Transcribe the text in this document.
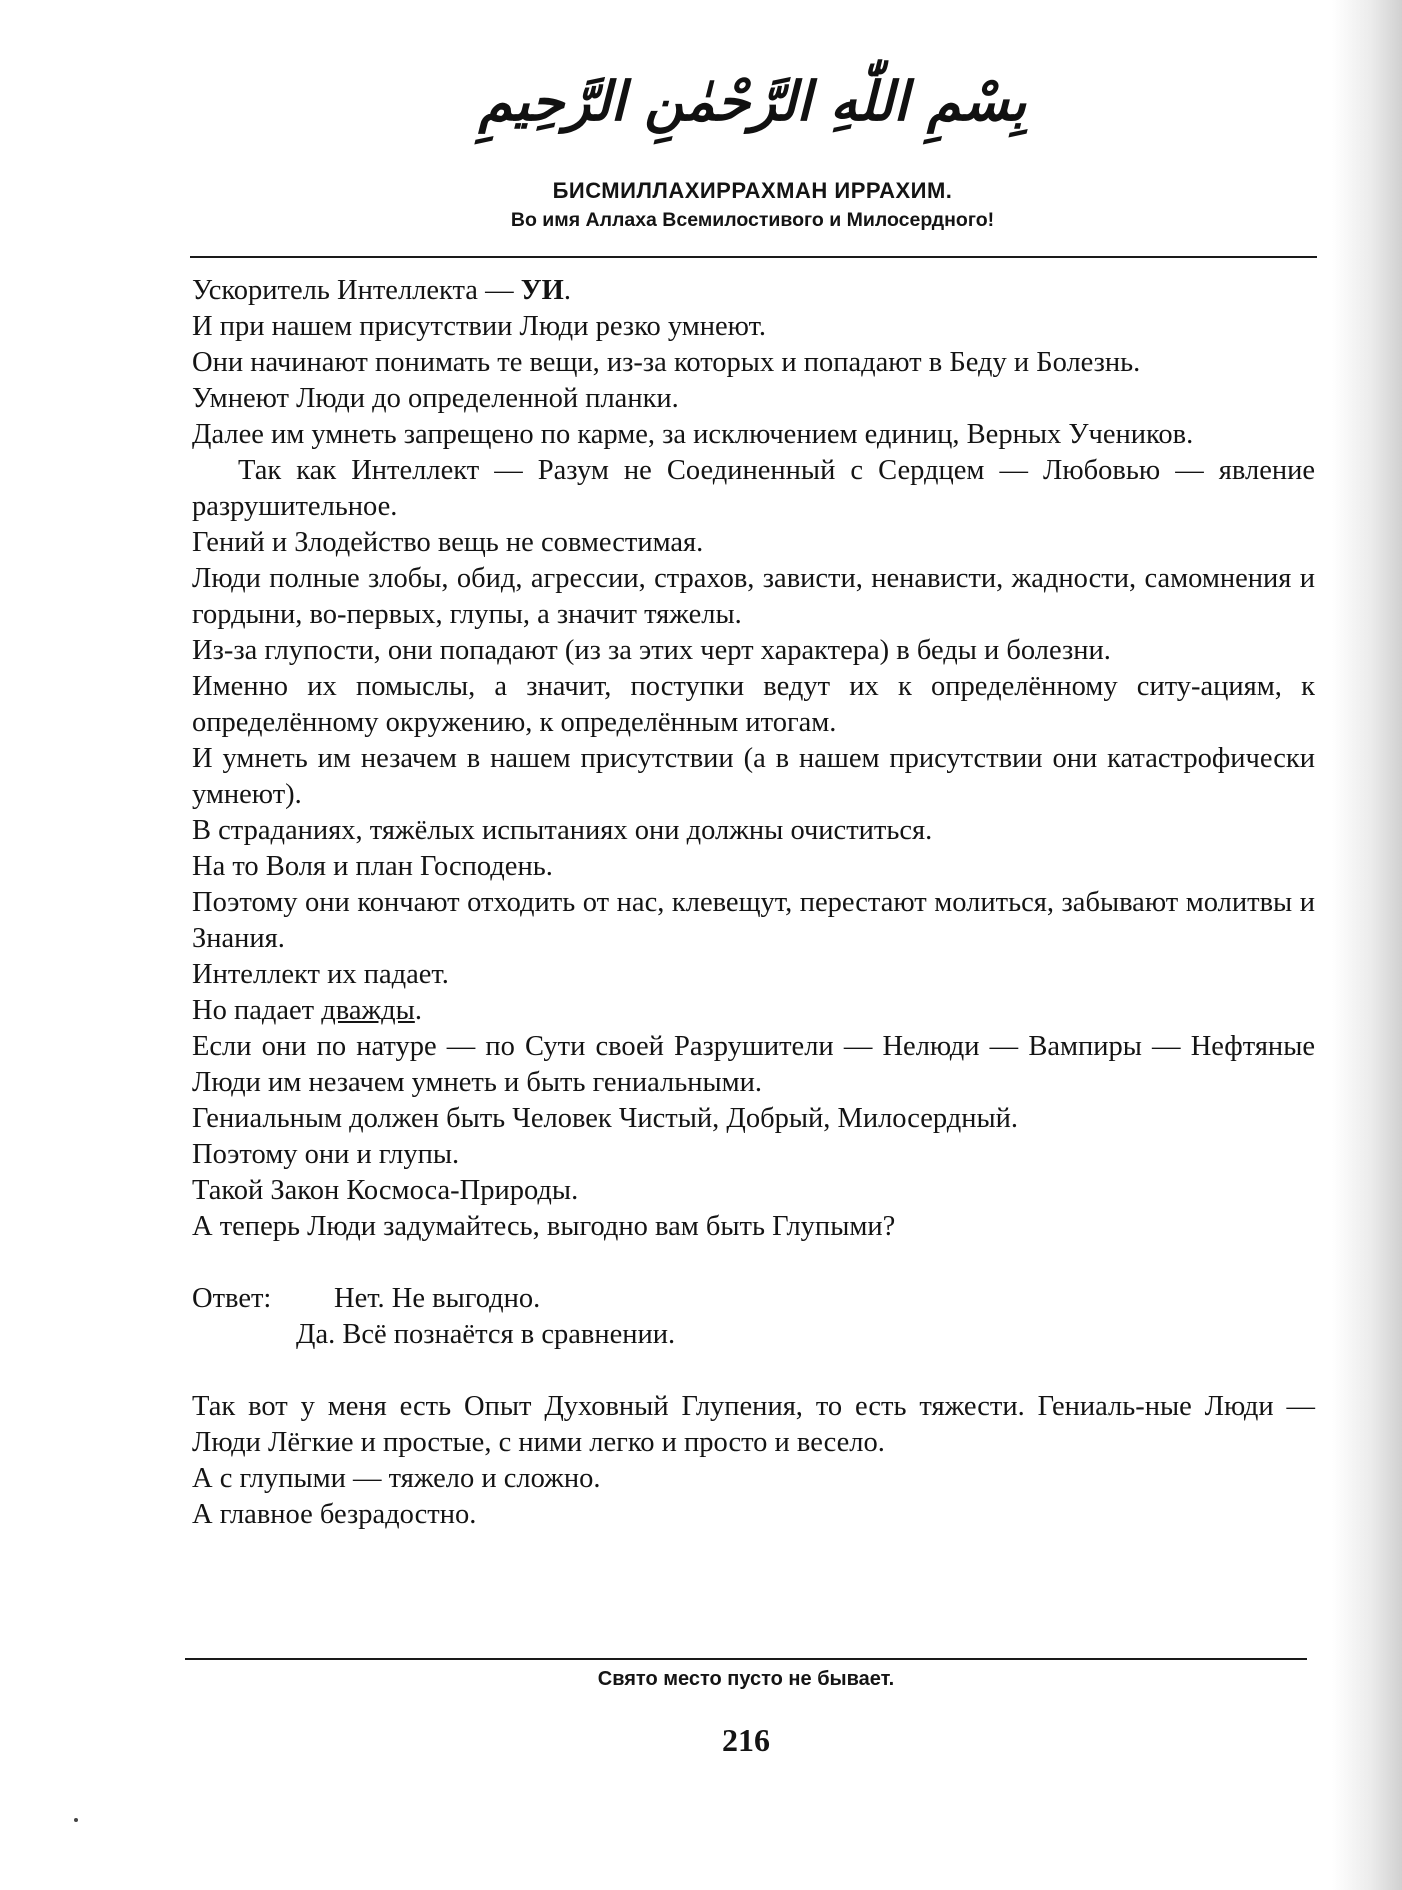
بِسْمِ اللّٰهِ الرَّحْمٰنِ الرَّحِيمِ
БИСМИЛЛАХИРРАХМАН ИРРАХИМ.
Во имя Аллаха Всемилостивого и Милосердного!
Ускоритель Интеллекта — УИ.
И при нашем присутствии Люди резко умнеют.
Они начинают понимать те вещи, из-за которых и попадают в Беду и Болезнь.
Умнеют Люди до определенной планки.
Далее им умнеть запрещено по карме, за исключением единиц, Верных Учеников.
Так как Интеллект — Разум не Соединенный с Сердцем — Любовью — явление разрушительное.
Гений и Злодейство вещь не совместимая.
Люди полные злобы, обид, агрессии, страхов, зависти, ненависти, жадности, самомнения и гордыни, во-первых, глупы, а значит тяжелы.
Из-за глупости, они попадают (из за этих черт характера) в беды и болезни.
Именно их помыслы, а значит, поступки ведут их к определённому ситу-ациям, к определённому окружению, к определённым итогам.
И умнеть им незачем в нашем присутствии (а в нашем присутствии они катастрофически умнеют).
В страданиях, тяжёлых испытаниях они должны очиститься.
На то Воля и план Господень.
Поэтому они кончают отходить от нас, клевещут, перестают молиться, забывают молитвы и Знания.
Интеллект их падает.
Но падает дважды.
Если они по натуре — по Сути своей Разрушители — Нелюди — Вампиры — Нефтяные Люди им незачем умнеть и быть гениальными.
Гениальным должен быть Человек Чистый, Добрый, Милосердный.
Поэтому они и глупы.
Такой Закон Космоса-Природы.
А теперь Люди задумайтесь, выгодно вам быть Глупыми?
Ответ:	Нет. Не выгодно.
Да. Всё познаётся в сравнении.
Так вот у меня есть Опыт Духовный Глупения, то есть тяжести. Гениаль-ные Люди — Люди Лёгкие и простые, с ними легко и просто и весело.
А с глупыми — тяжело и сложно.
А главное безрадостно.
Свято место пусто не бывает.
216
